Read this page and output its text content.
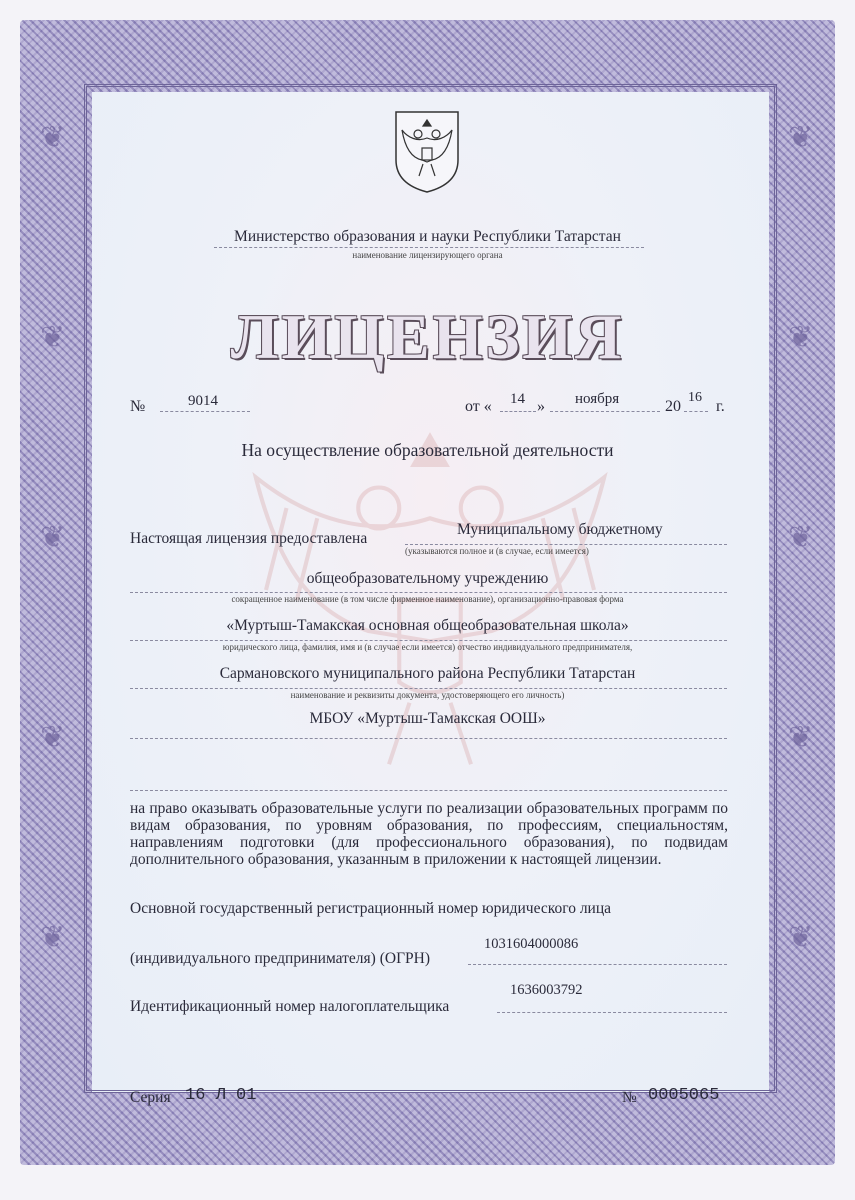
❦
❦
❦
❦
❦
❦
❦
❦
❦
❦
Министерство образования и науки Республики Татарстан
наименование лицензирующего органа
ЛИЦЕНЗИЯ
№	9014	от « 14 » ноября	20
16
г.
На осуществление образовательной деятельности
Настоящая лицензия предоставлена
Муниципальному бюджетному
(указываются полное и (в случае, если имеется)
общеобразовательному учреждению
сокращенное наименование (в том числе фирменное наименование), организационно-правовая форма
«Муртыш-Тамакская основная общеобразовательная школа»
юридического лица, фамилия, имя и (в случае если имеется) отчество индивидуального предпринимателя,
Сармановского муниципального района Республики Татарстан
наименование и реквизиты документа, удостоверяющего его личность)
МБОУ «Муртыш-Тамакская ООШ»
на право оказывать образовательные услуги по реализации образовательных программ по видам образования, по уровням образования, по профессиям, специальностям, направлениям подготовки (для профессионального образования), по подвидам дополнительного образования, указанным в приложении к настоящей лицензии.
Основной государственный регистрационный номер юридического лица
(индивидуального предпринимателя) (ОГРН)
1031604000086
Идентификационный номер налогоплательщика
1636003792
Серия 16 Л 01	№ 0005065
